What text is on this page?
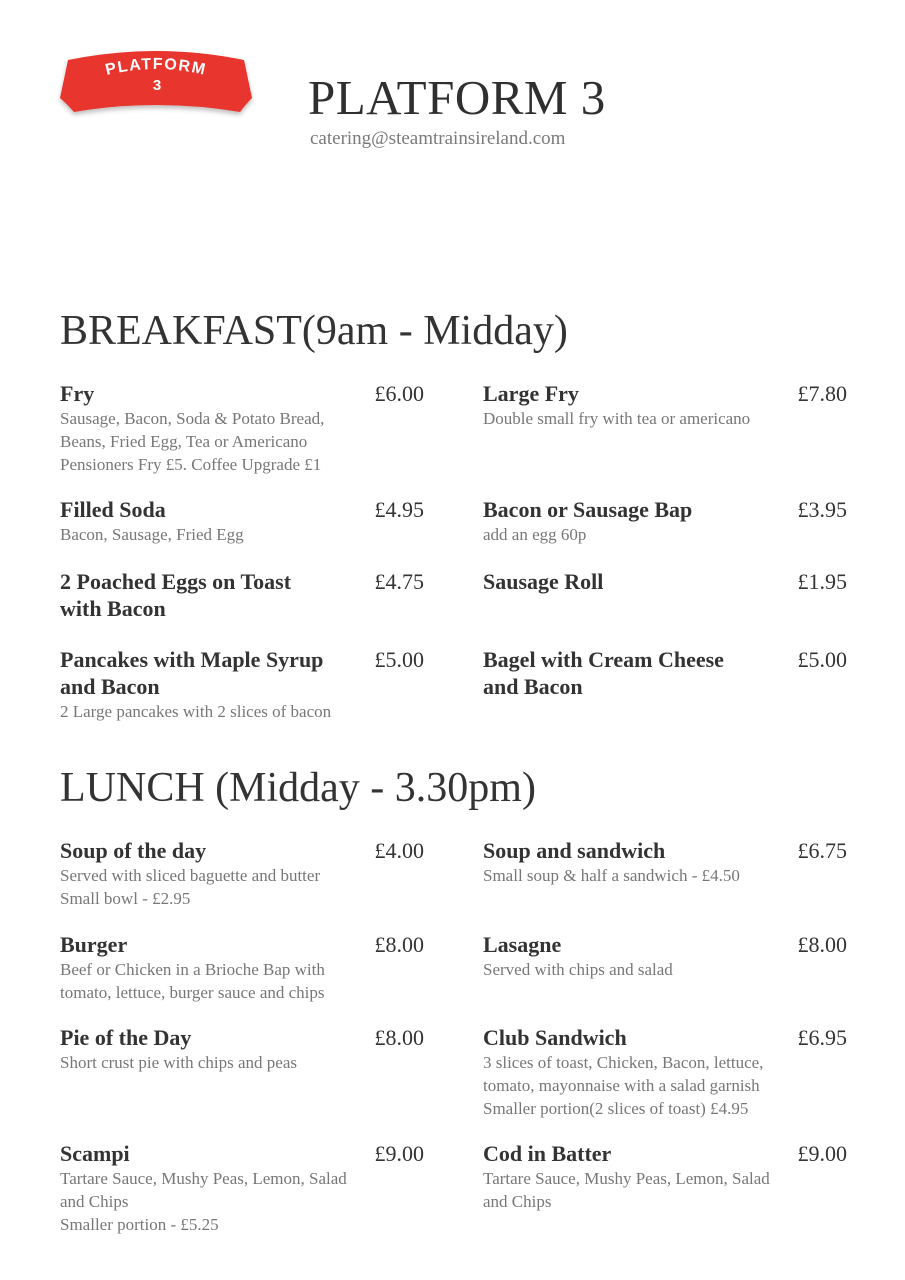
PLATFORM
3	PLATFORM 3
catering@steamtrainsireland.com
BREAKFAST(9am - Midday)
Fry	£6.00
Sausage, Bacon, Soda & Potato Bread,
Beans, Fried Egg, Tea or Americano
Pensioners Fry £5. Coffee Upgrade £1
Large Fry	£7.80
Double small fry with tea or americano
Filled Soda	£4.95
Bacon, Sausage, Fried Egg
Bacon or Sausage Bap	£3.95
add an egg 60p
2 Poached Eggs on Toast with Bacon
£4.75	Sausage Roll	£1.95
Pancakes with Maple Syrup and Bacon
£5.00
2 Large pancakes with 2 slices of bacon
Bagel with Cream Cheese and Bacon
£5.00
LUNCH (Midday - 3.30pm)
Soup of the day	£4.00
Served with sliced baguette and butter
Small bowl - £2.95
Soup and sandwich	£6.75
Small soup & half a sandwich - £4.50
Burger	£8.00
Beef or Chicken in a Brioche Bap with
tomato, lettuce, burger sauce and chips
Lasagne	£8.00
Served with chips and salad
Pie of the Day	£8.00
Short crust pie with chips and peas
Club Sandwich	£6.95
3 slices of toast, Chicken, Bacon, lettuce,
tomato, mayonnaise with a salad garnish
Smaller portion(2 slices of toast) £4.95
Scampi	£9.00
Tartare Sauce, Mushy Peas, Lemon, Salad
and Chips
Smaller portion - £5.25
Cod in Batter	£9.00
Tartare Sauce, Mushy Peas, Lemon, Salad
and Chips
